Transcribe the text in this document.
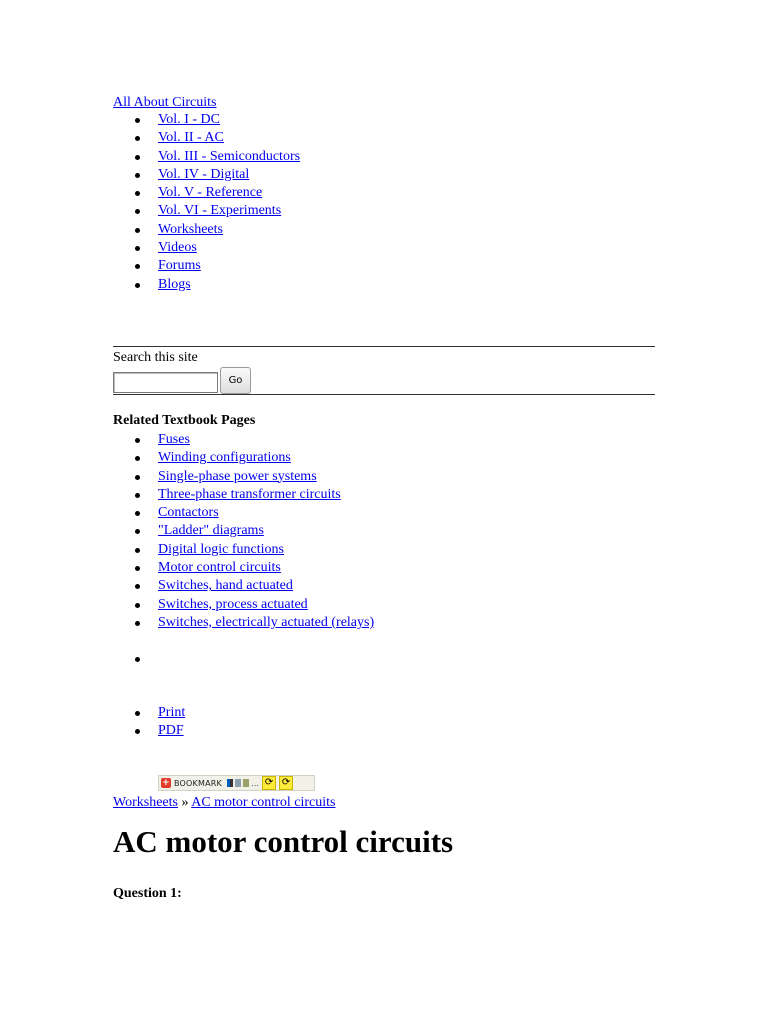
All About Circuits
Vol. I - DC
Vol. II - AC
Vol. III - Semiconductors
Vol. IV - Digital
Vol. V - Reference
Vol. VI - Experiments
Worksheets
Videos
Forums
Blogs
Search this site
Go
Related Textbook Pages
Fuses
Winding configurations
Single-phase power systems
Three-phase transformer circuits
Contactors
"Ladder" diagrams
Digital logic functions
Motor control circuits
Switches, hand actuated
Switches, process actuated
Switches, electrically actuated (relays)
Print
PDF
+ BOOKMARK	… ⟳ ⟳
Worksheets » AC motor control circuits
AC motor control circuits
Question 1:
